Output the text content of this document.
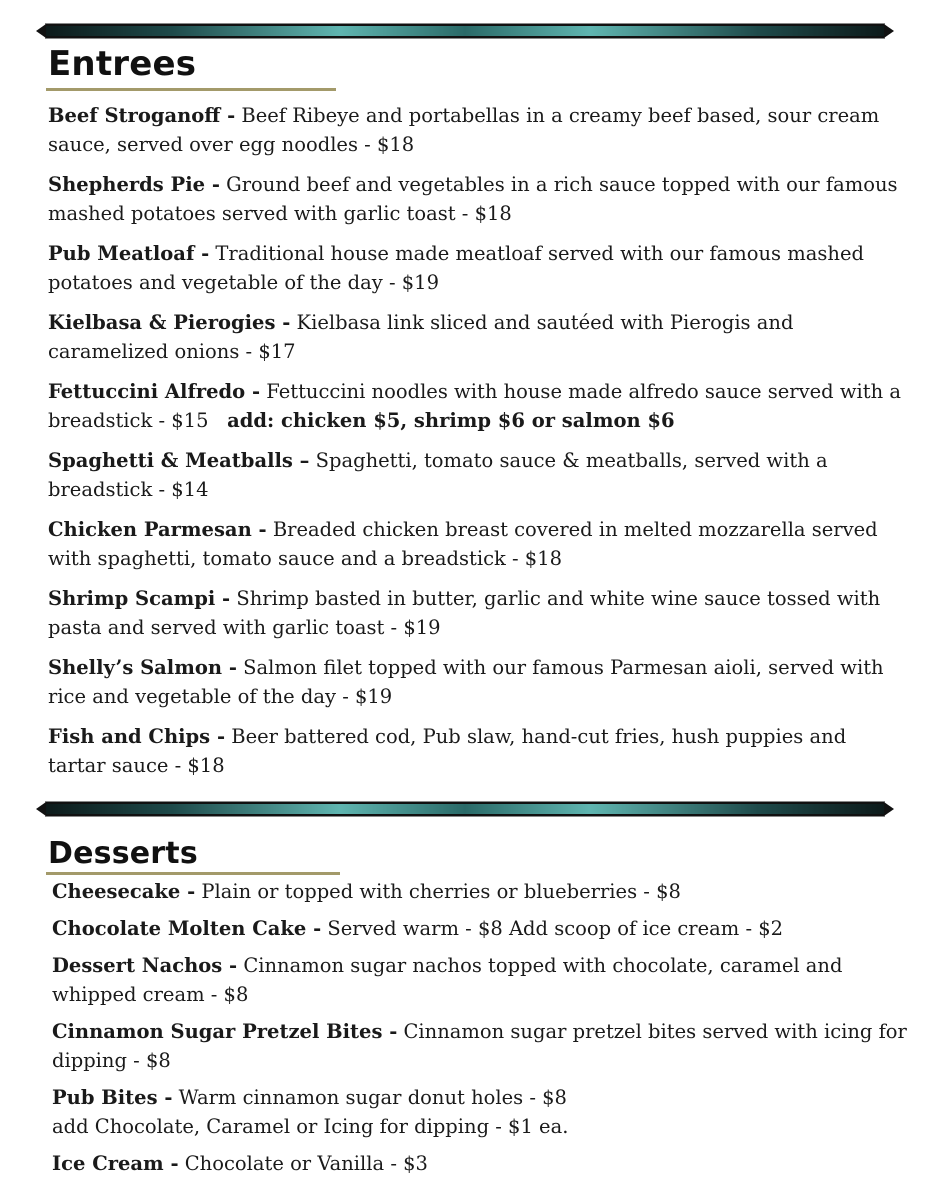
Entrees

Beef Stroganoff - Beef Ribeye and portabellas in a creamy beef based, sour cream sauce, served over egg noodles - $18

Shepherds Pie - Ground beef and vegetables in a rich sauce topped with our famous mashed potatoes served with garlic toast - $18

Pub Meatloaf - Traditional house made meatloaf served with our famous mashed potatoes and vegetable of the day - $19

Kielbasa & Pierogies - Kielbasa link sliced and sautéed with Pierogis and caramelized onions - $17

Fettuccini Alfredo - Fettuccini noodles with house made alfredo sauce served with a breadstick - $15 add: chicken $5, shrimp $6 or salmon $6

Spaghetti & Meatballs – Spaghetti, tomato sauce & meatballs, served with a breadstick - $14

Chicken Parmesan - Breaded chicken breast covered in melted mozzarella served with spaghetti, tomato sauce and a breadstick - $18

Shrimp Scampi - Shrimp basted in butter, garlic and white wine sauce tossed with pasta and served with garlic toast - $19

Shelly’s Salmon - Salmon filet topped with our famous Parmesan aioli, served with rice and vegetable of the day - $19

Fish and Chips - Beer battered cod, Pub slaw, hand-cut fries, hush puppies and tartar sauce - $18

Desserts

Cheesecake - Plain or topped with cherries or blueberries - $8

Chocolate Molten Cake - Served warm - $8 Add scoop of ice cream - $2

Dessert Nachos - Cinnamon sugar nachos topped with chocolate, caramel and whipped cream - $8

Cinnamon Sugar Pretzel Bites - Cinnamon sugar pretzel bites served with icing for dipping - $8

Pub Bites - Warm cinnamon sugar donut holes - $8
add Chocolate, Caramel or Icing for dipping - $1 ea.

Ice Cream - Chocolate or Vanilla - $3
